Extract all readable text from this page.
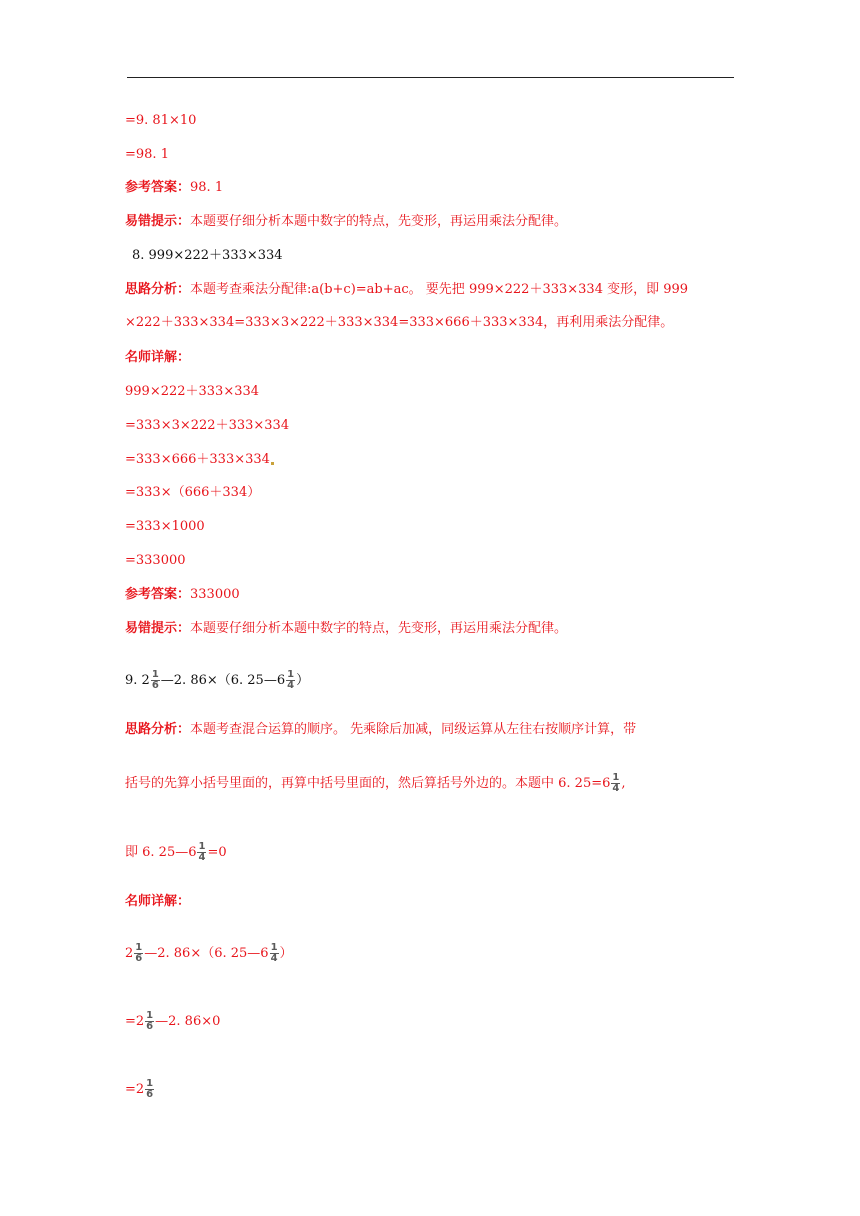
=9. 81×10
=98. 1
参考答案：98. 1
易错提示：本题要仔细分析本题中数字的特点，先变形，再运用乘法分配律。
8. 999×222＋333×334
思路分析：本题考查乘法分配律:a(b+c)=ab+ac。 要先把 999×222＋333×334 变形，即 999
×222＋333×334=333×3×222＋333×334=333×666＋333×334，再利用乘法分配律。
名师详解：
999×222＋333×334
=333×3×222＋333×334
=333×666＋333×334
=333×（666＋334）
=333×1000
=333000
参考答案：333000
易错提示：本题要仔细分析本题中数字的特点，先变形，再运用乘法分配律。
9. $2 \frac{1}{6}$ —2. 86×（6. 25—6 $\frac{1}{4}$ ）
思路分析：本题考查混合运算的顺序。 先乘除后加减，同级运算从左往右按顺序计算，带
括号的先算小括号里面的，再算中括号里面的，然后算括号外边的。本题中 6. $25=6 \frac{1}{4}$ ,
即 6. 25—6 $\frac{1}{4} =0$
名师详解：
$2 \frac{1}{6}$ —2. 86×（6. 25—6 $\frac{1}{4}$ ）
$=2 \frac{1}{6}$ —2. 86×0
$=2 \frac{1}{6}$
